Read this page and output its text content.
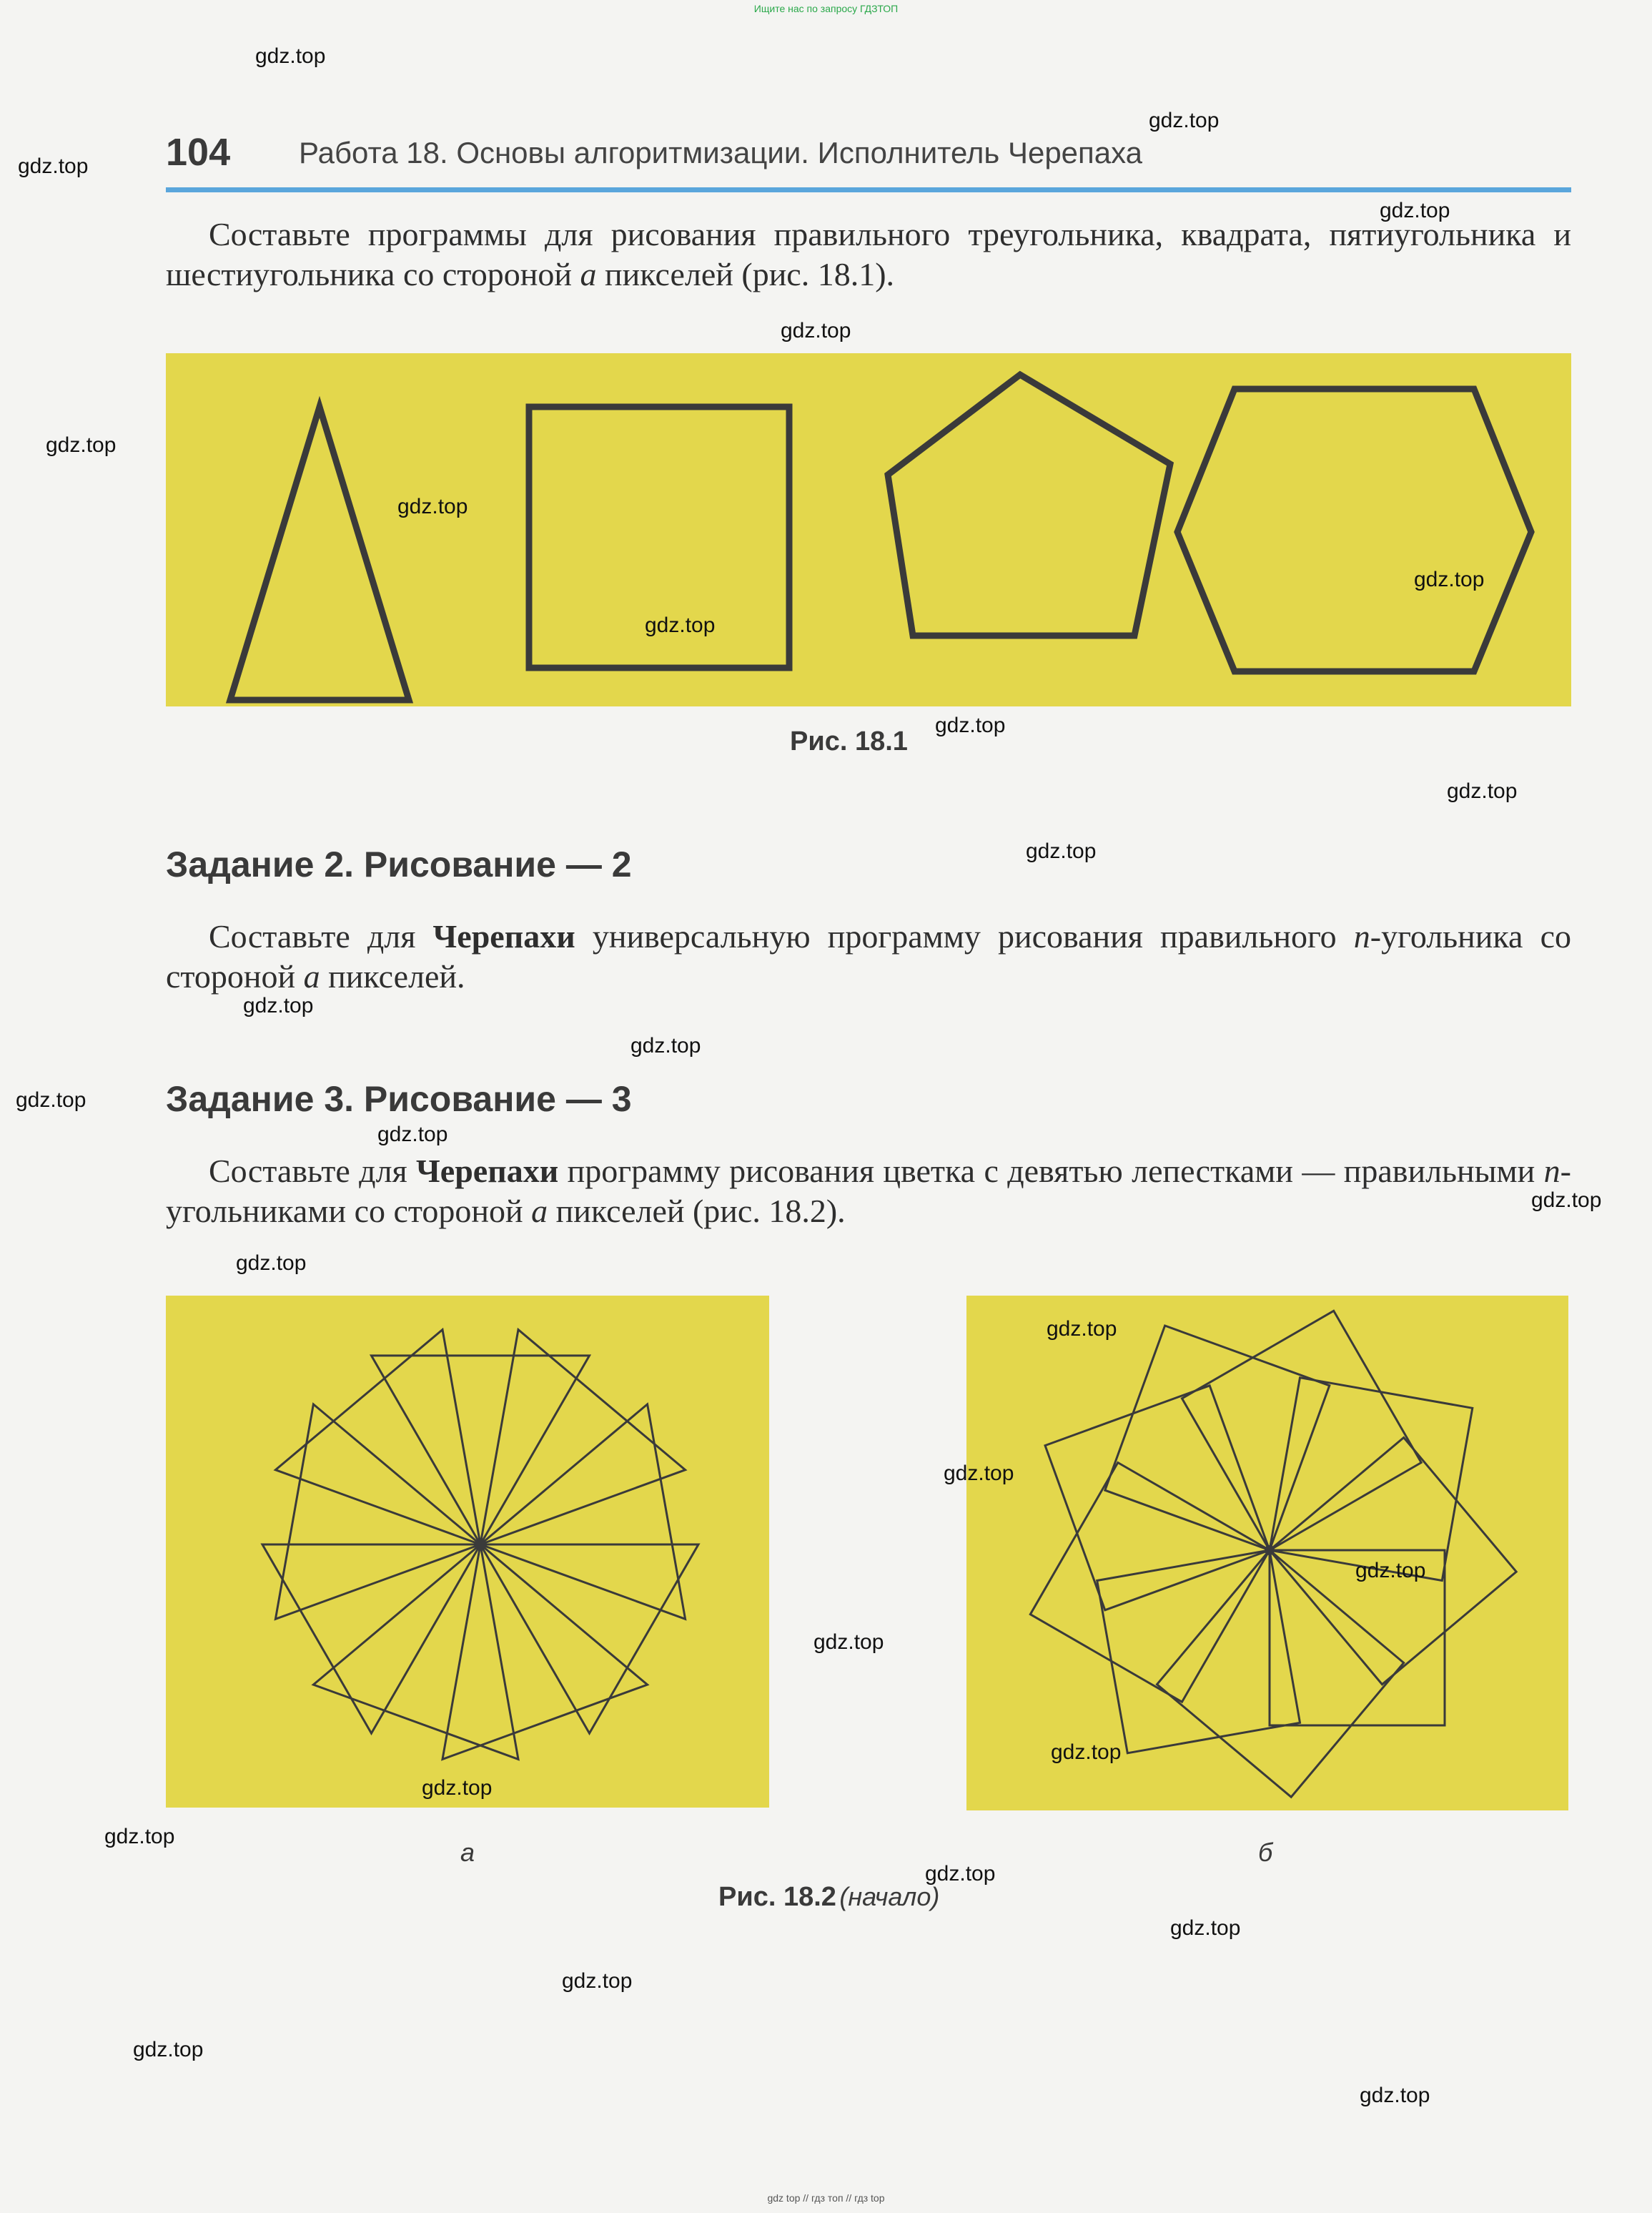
Ищите нас по запросу ГДЗТОП
104 Работа 18. Основы алгоритмизации. Исполнитель Черепаха
Составьте программы для рисования правильного треугольника, квадрата, пятиугольника и шестиугольника со стороной a пикселей (рис. 18.1).
Рис. 18.1
Задание 2. Рисование — 2
Составьте для Черепахи универсальную программу рисования правильного n-угольника со стороной a пикселей.
Задание 3. Рисование — 3
Составьте для Черепахи программу рисования цветка с девятью лепестками — правильными n-угольниками со стороной a пикселей (рис. 18.2).
а	б
Рис. 18.2 (начало)
gdz.top
gdz.top
gdz.top
gdz.top
gdz.top
gdz.top
gdz.top
gdz.top
gdz.top
gdz.top
gdz.top
gdz.top
gdz.top
gdz.top
gdz.top
gdz.top
gdz.top
gdz.top
gdz.top
gdz.top
gdz.top
gdz.top
gdz.top
gdz.top
gdz.top
gdz.top
gdz.top
gdz.top
gdz.top
gdz.top
gdz top // гдз топ // гдз top
